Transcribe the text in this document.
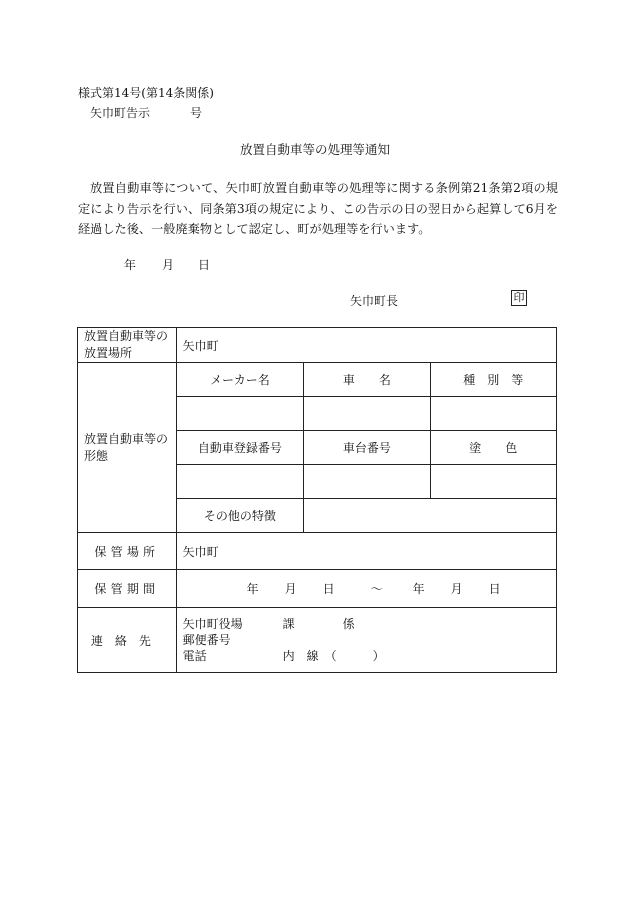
様式第14号(第14条関係)
矢巾町告示	号
放置自動車等の処理等通知
放置自動車等について、矢巾町放置自動車等の処理等に関する条例第21条第2項の規定により告示を行い、同条第3項の規定により、この告示の日の翌日から起算して6月を経過した後、一般廃棄物として認定し、町が処理等を行います。
年 月 日
矢巾町長	印
放置自動車等の放置場所	矢巾町		
放置自動車等の形態	メーカー名	車　　名	種　別　等

	自動車登録番号	車台番号	塗　　色

	その他の特徴		
保管場所	矢巾町		
保管期間	年 月 日 ～ 年 月 日		
連絡先	矢巾町役場 課 係
郵便番号
電話 内　線　（　　　）		
